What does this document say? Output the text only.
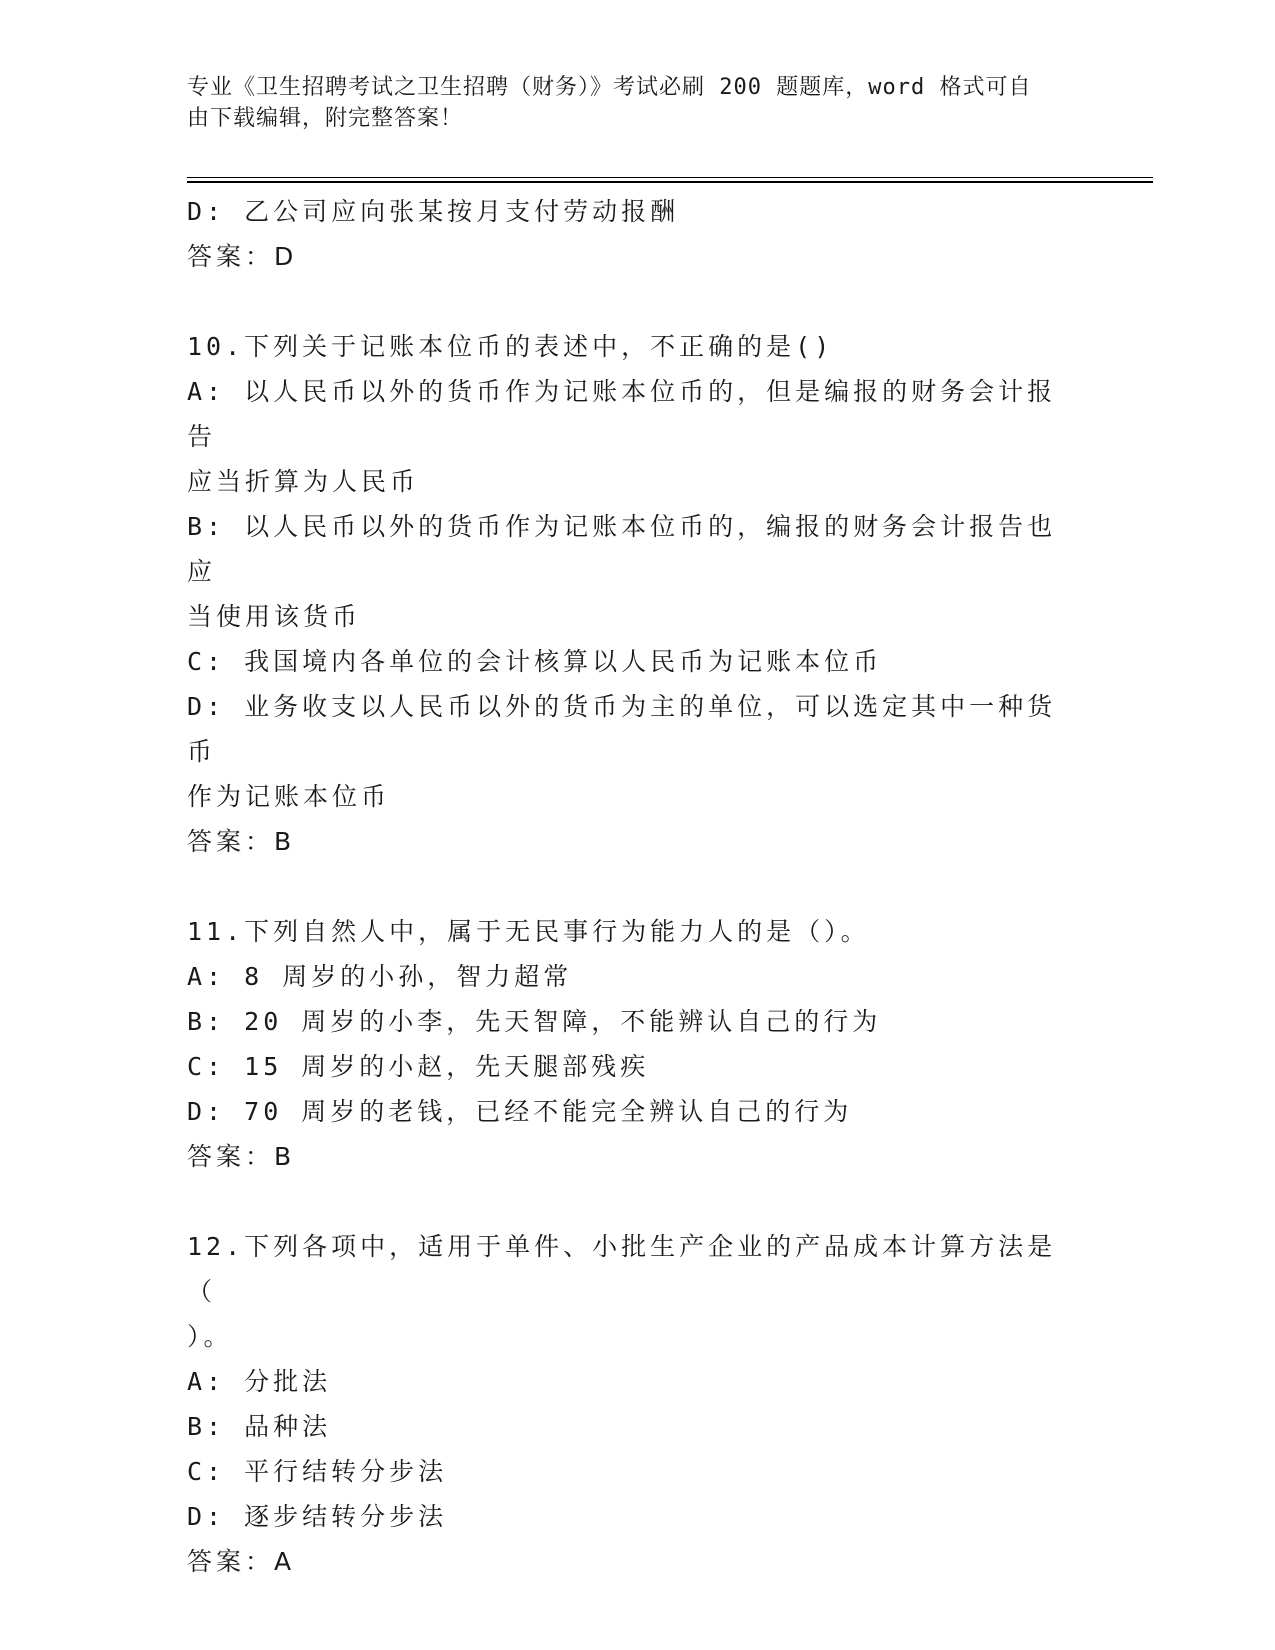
专业《卫生招聘考试之卫生招聘（财务）》考试必刷 200 题题库，word 格式可自
由下载编辑，附完整答案！
D: 乙公司应向张某按月支付劳动报酬
答案：D
10.下列关于记账本位币的表述中，不正确的是()
A: 以人民币以外的货币作为记账本位币的，但是编报的财务会计报告
应当折算为人民币
B: 以人民币以外的货币作为记账本位币的，编报的财务会计报告也应
当使用该货币
C: 我国境内各单位的会计核算以人民币为记账本位币
D: 业务收支以人民币以外的货币为主的单位，可以选定其中一种货币
作为记账本位币
答案：B
11.下列自然人中，属于无民事行为能力人的是（）。
A: 8 周岁的小孙，智力超常
B: 20 周岁的小李，先天智障，不能辨认自己的行为
C: 15 周岁的小赵，先天腿部残疾
D: 70 周岁的老钱，已经不能完全辨认自己的行为
答案：B
12.下列各项中，适用于单件、小批生产企业的产品成本计算方法是（
）。
A: 分批法
B: 品种法
C: 平行结转分步法
D: 逐步结转分步法
答案：A
